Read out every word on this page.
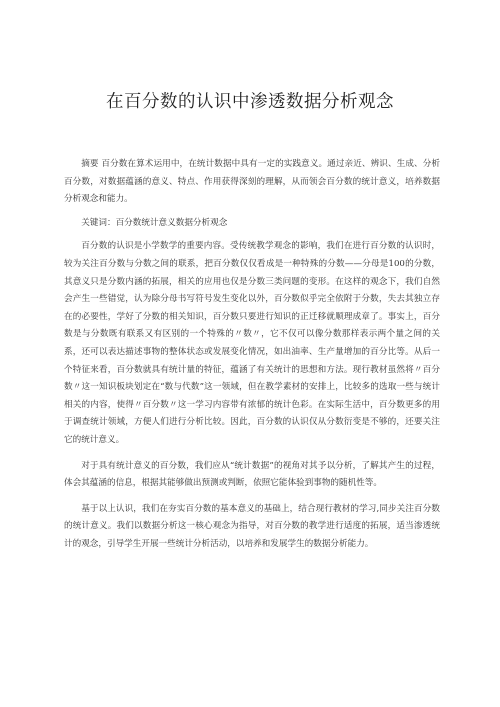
在百分数的认识中渗透数据分析观念

摘要 百分数在算术运用中，在统计数据中具有一定的实践意义。通过亲近、辨识、生成、分析百分数，对数据蕴涵的意义、特点、作用获得深刻的理解，从而领会百分数的统计意义，培养数据分析观念和能力。

关键词：百分数统计意义数据分析观念

百分数的认识是小学数学的重要内容。受传统教学观念的影响，我们在进行百分数的认识时，较为关注百分数与分数之间的联系，把百分数仅仅看成是一种特殊的分数——分母是100的分数，其意义只是分数内涵的拓展，相关的应用也仅是分数三类问题的变形。在这样的观念下，我们自然会产生一些错觉，认为除分母书写符号发生变化以外，百分数似乎完全依附于分数，失去其独立存在的必要性，学好了分数的相关知识，百分数只要进行知识的正迁移就顺理成章了。事实上，百分数是与分数既有联系又有区别的一个特殊的〃数〃，它不仅可以像分数那样表示两个量之间的关系，还可以表达描述事物的整体状态或发展变化情况，如出油率、生产量增加的百分比等。从后一个特征来看，百分数就具有统计量的特征，蕴涵了有关统计的思想和方法。现行教材虽然将〃百分数〃这一知识板块划定在“数与代数”这一领域，但在教学素材的安排上，比较多的选取一些与统计相关的内容，使得〃百分数〃这一学习内容带有浓郁的统计色彩。在实际生活中，百分数更多的用于调查统计领域，方便人们进行分析比较。因此，百分数的认识仅从分数衍变是不够的，还要关注它的统计意义。

对于具有统计意义的百分数，我们应从“统计数据”的视角对其予以分析，了解其产生的过程，体会其蕴涵的信息，根据其能够做出预测或判断，依照它能体验到事物的随机性等。

基于以上认识，我们在夯实百分数的基本意义的基础上，结合现行教材的学习,同步关注百分数的统计意义。我们以数据分析这一核心观念为指导，对百分数的教学进行适度的拓展，适当渗透统计的观念，引导学生开展一些统计分析活动，以培养和发展学生的数据分析能力。
